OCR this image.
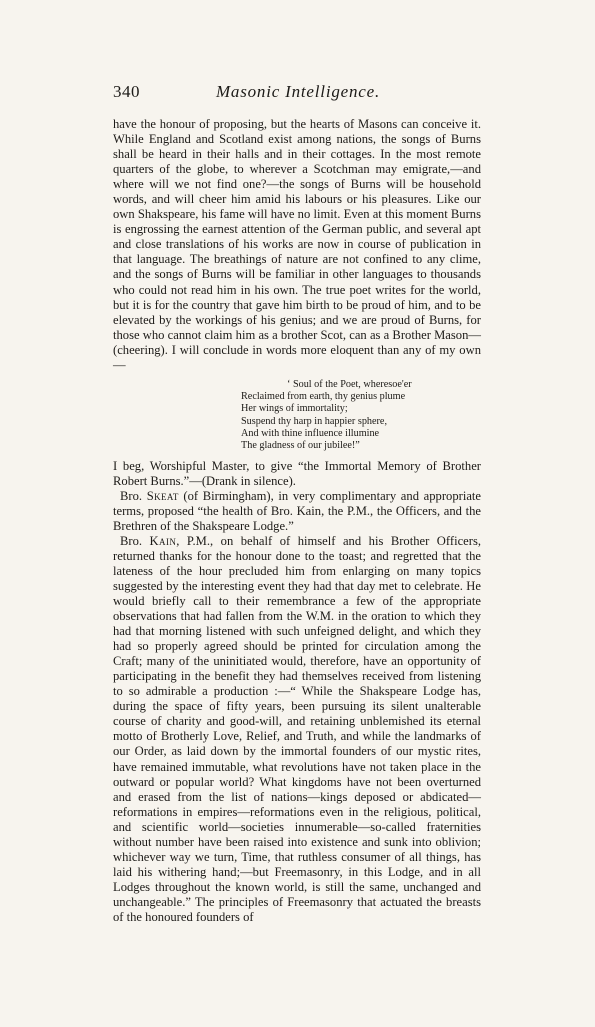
340	Masonic Intelligence.

have the honour of proposing, but the hearts of Masons can conceive it. While England and Scotland exist among nations, the songs of Burns shall be heard in their halls and in their cottages. In the most remote quarters of the globe, to wherever a Scotchman may emigrate,—and where will we not find one?—the songs of Burns will be household words, and will cheer him amid his labours or his pleasures. Like our own Shakspeare, his fame will have no limit. Even at this moment Burns is engrossing the earnest attention of the German public, and several apt and close translations of his works are now in course of publication in that language. The breathings of nature are not confined to any clime, and the songs of Burns will be familiar in other languages to thousands who could not read him in his own. The true poet writes for the world, but it is for the country that gave him birth to be proud of him, and to be elevated by the workings of his genius; and we are proud of Burns, for those who cannot claim him as a brother Scot, can as a Brother Mason—(cheering). I will conclude in words more eloquent than any of my own—

‘ Soul of the Poet, wheresoe'er
Reclaimed from earth, thy genius plume
Her wings of immortality;
Suspend thy harp in happier sphere,
And with thine influence illumine
The gladness of our jubilee!”

I beg, Worshipful Master, to give “the Immortal Memory of Brother Robert Burns.”—(Drank in silence).

Bro. Skeat (of Birmingham), in very complimentary and appropriate terms, proposed “the health of Bro. Kain, the P.M., the Officers, and the Brethren of the Shakspeare Lodge.”

Bro. Kain, P.M., on behalf of himself and his Brother Officers, returned thanks for the honour done to the toast; and regretted that the lateness of the hour precluded him from enlarging on many topics suggested by the interesting event they had that day met to celebrate. He would briefly call to their remembrance a few of the appropriate observations that had fallen from the W.M. in the oration to which they had that morning listened with such unfeigned delight, and which they had so properly agreed should be printed for circulation among the Craft; many of the uninitiated would, therefore, have an opportunity of participating in the benefit they had themselves received from listening to so admirable a production :—“ While the Shakspeare Lodge has, during the space of fifty years, been pursuing its silent unalterable course of charity and good-will, and retaining unblemished its eternal motto of Brotherly Love, Relief, and Truth, and while the landmarks of our Order, as laid down by the immortal founders of our mystic rites, have remained immutable, what revolutions have not taken place in the outward or popular world? What kingdoms have not been overturned and erased from the list of nations—kings deposed or abdicated—reformations in empires—reformations even in the religious, political, and scientific world—societies innumerable—so-called fraternities without number have been raised into existence and sunk into oblivion; whichever way we turn, Time, that ruthless consumer of all things, has laid his withering hand;—but Freemasonry, in this Lodge, and in all Lodges throughout the known world, is still the same, unchanged and unchangeable.” The principles of Freemasonry that actuated the breasts of the honoured founders of
